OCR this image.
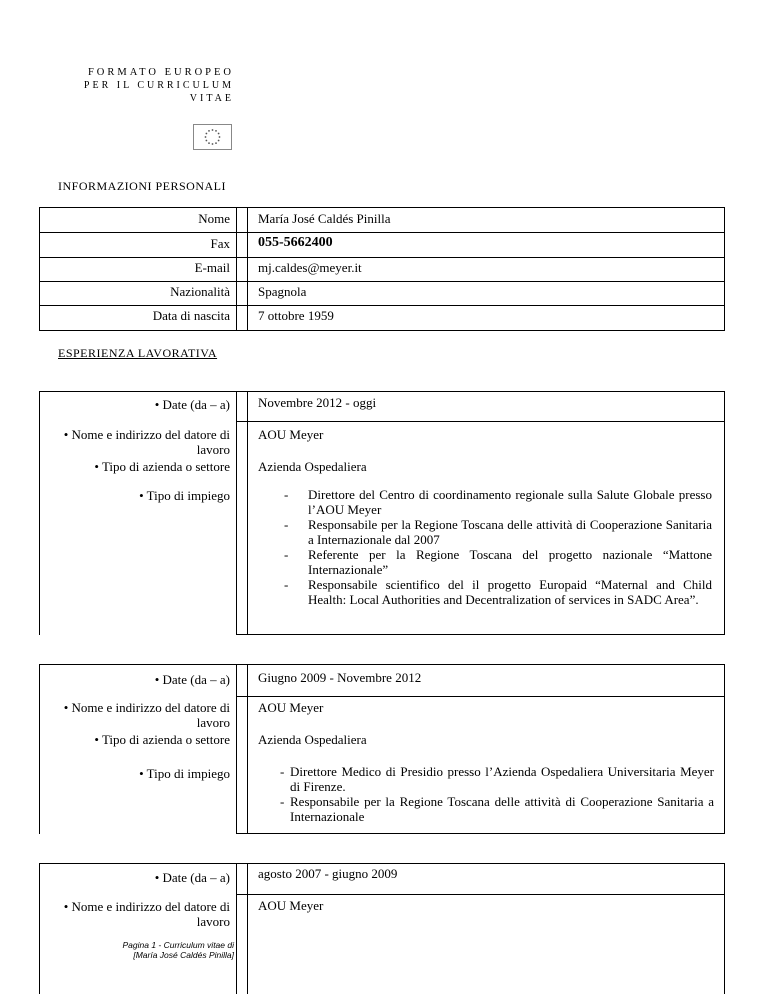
FORMATO EUROPEO
PER IL CURRICULUM
VITAE
INFORMAZIONI PERSONALI
Nome María José Caldés Pinilla
Fax 055-5662400
E-mail mj.caldes@meyer.it
Nazionalità Spagnola
Data di nascita 7 ottobre 1959
ESPERIENZA LAVORATIVA
• Date (da – a) Novembre 2012 - oggi
• Nome e indirizzo del datore di lavoro
AOU Meyer
• Tipo di azienda o settore Azienda Ospedaliera
• Tipo di impiego	- Direttore del Centro di coordinamento regionale sulla Salute Globale presso l’AOU Meyer
- Responsabile per la Regione Toscana delle attività di Cooperazione Sanitaria a Internazionale dal 2007
- Referente per la Regione Toscana del progetto nazionale “Mattone Internazionale”
- Responsabile scientifico del il progetto Europaid “Maternal and Child Health: Local Authorities and Decentralization of services in SADC Area”.
• Date (da – a) Giugno 2009 - Novembre 2012
• Nome e indirizzo del datore di lavoro
AOU Meyer
• Tipo di azienda o settore Azienda Ospedaliera
• Tipo di impiego	- Direttore Medico di Presidio presso l’Azienda Ospedaliera Universitaria Meyer di Firenze.
- Responsabile per la Regione Toscana delle attività di Cooperazione Sanitaria a Internazionale
• Date (da – a) agosto 2007 - giugno 2009
• Nome e indirizzo del datore di lavoro
AOU Meyer
Pagina 1 - Curriculum vitae di
[María José Caldés Pinilla]
